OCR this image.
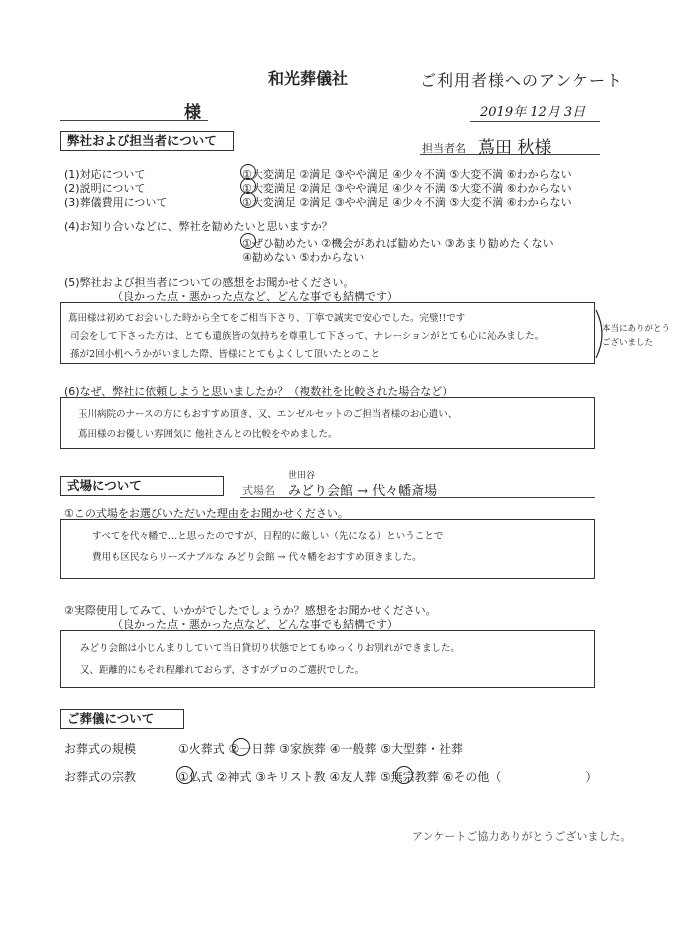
和光葬儀社	ご利用者様へのアンケート
様	2019年 12月 3日
弊社および担当者について
担当者名 蔦田 秋様
(1)対応について	①大変満足 ②満足 ③やや満足 ④少々不満 ⑤大変不満 ⑥わからない
(2)説明について	①大変満足 ②満足 ③やや満足 ④少々不満 ⑤大変不満 ⑥わからない
(3)葬儀費用について	①大変満足 ②満足 ③やや満足 ④少々不満 ⑤大変不満 ⑥わからない
(4)お知り合いなどに、弊社を勧めたいと思いますか？
①ぜひ勧めたい ②機会があれば勧めたい ③あまり勧めたくない
④勧めない ⑤わからない
(5)弊社および担当者についての感想をお聞かせください。
（良かった点・悪かった点など、どんな事でも結構です）
蔦田様は初めてお会いした時から全てをご相当下さり、丁寧で誠実で安心でした。完璧!!です
司会をして下さった方は、とても遺族皆の気持ちを尊重して下さって、ナレーションがとても心に沁みました。
孫が2回小机へうかがいました際、皆様にとてもよくして頂いたとのこと
本当にありがとうございました
(6)なぜ、弊社に依頼しようと思いましたか？（複数社を比較された場合など）
玉川病院のナースの方にもおすすめ頂き、又、エンゼルセットのご担当者様のお心遣い、
蔦田様のお優しい雰囲気に 他社さんとの比較をやめました。
式場について	式場名
世田谷
みどり会館 → 代々幡斎場
①この式場をお選びいただいた理由をお聞かせください。
すべてを代々幡で…と思ったのですが、日程的に厳しい（先になる）ということで
費用も区民ならリーズナブルな みどり会館 → 代々幡をおすすめ頂きました。
②実際使用してみて、いかがでしたでしょうか？感想をお聞かせください。
（良かった点・悪かった点など、どんな事でも結構です）
みどり会館は小じんまりしていて当日貸切り状態でとてもゆっくりお別れができました。
又、距離的にもそれ程離れておらず、さすがプロのご選択でした。
ご葬儀について
お葬式の規模	①火葬式 ②一日葬 ③家族葬 ④一般葬 ⑤大型葬・社葬
お葬式の宗教	①仏式 ②神式 ③キリスト教 ④友人葬 ⑤無宗教葬 ⑥その他（　　　　　　　）
アンケートご協力ありがとうございました。
